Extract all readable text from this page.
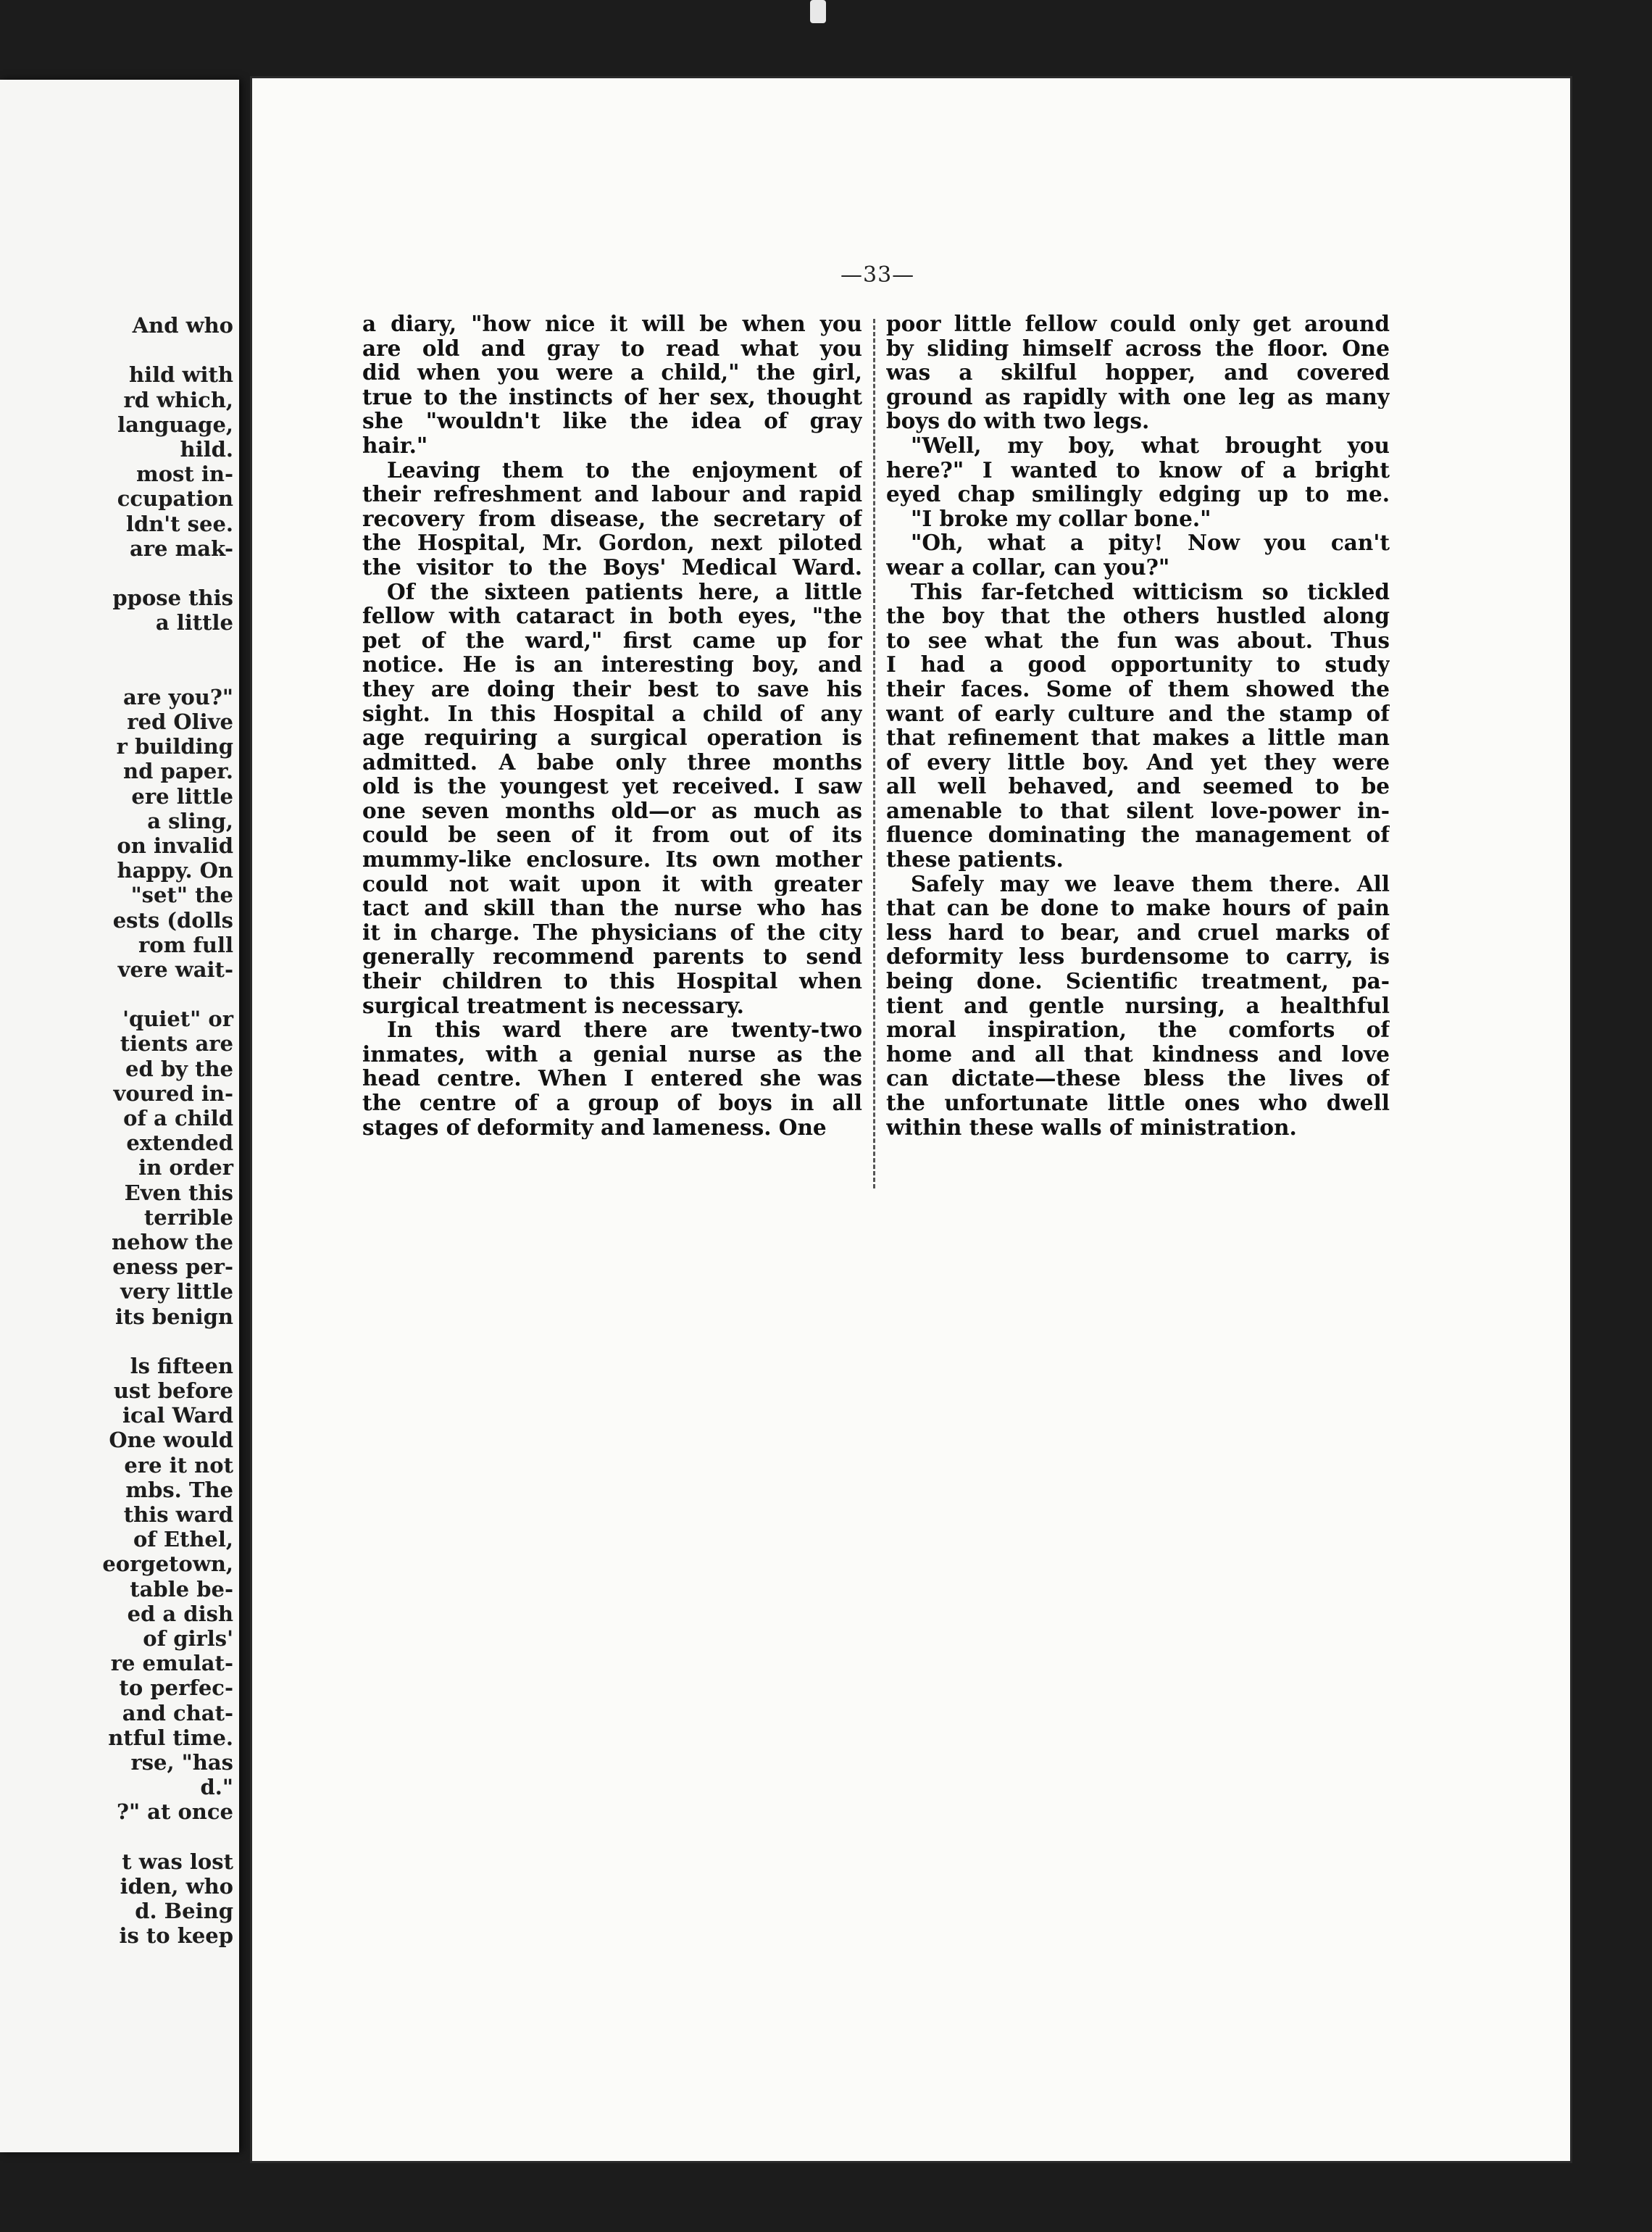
And who
hild with
rd which,
language,
hild.
most in-
ccupation
ldn't see.
are mak-
ppose this
a little
are you?"
red Olive
r building
nd paper.
ere little
a sling,
on invalid
happy. On
"set" the
ests (dolls
rom full
vere wait-
'quiet" or
tients are
ed by the
voured in-
of a child
extended
in order
Even this
terrible
nehow the
eness per-
very little
its benign
ls fifteen
ust before
ical Ward
One would
ere it not
mbs. The
this ward
of Ethel,
eorgetown,
table be-
ed a dish
of girls'
re emulat-
to perfec-
and chat-
ntful time.
rse, "has
d."
?" at once
t was lost
iden, who
d. Being
is to keep

—33—
a diary, "how nice it will be when you
are old and gray to read what you
did when you were a child," the girl,
true to the instincts of her sex, thought
she "wouldn't like the idea of gray
hair."
Leaving them to the enjoyment of
their refreshment and labour and rapid
recovery from disease, the secretary of
the Hospital, Mr. Gordon, next piloted
the visitor to the Boys' Medical Ward.
Of the sixteen patients here, a little
fellow with cataract in both eyes, "the
pet of the ward," first came up for
notice. He is an interesting boy, and
they are doing their best to save his
sight. In this Hospital a child of any
age requiring a surgical operation is
admitted. A babe only three months
old is the youngest yet received. I saw
one seven months old—or as much as
could be seen of it from out of its
mummy-like enclosure. Its own mother
could not wait upon it with greater
tact and skill than the nurse who has
it in charge. The physicians of the city
generally recommend parents to send
their children to this Hospital when
surgical treatment is necessary.
In this ward there are twenty-two
inmates, with a genial nurse as the
head centre. When I entered she was
the centre of a group of boys in all
stages of deformity and lameness. One
poor little fellow could only get around
by sliding himself across the floor. One
was a skilful hopper, and covered
ground as rapidly with one leg as many
boys do with two legs.
"Well, my boy, what brought you
here?" I wanted to know of a bright
eyed chap smilingly edging up to me.
"I broke my collar bone."
"Oh, what a pity! Now you can't
wear a collar, can you?"
This far-fetched witticism so tickled
the boy that the others hustled along
to see what the fun was about. Thus
I had a good opportunity to study
their faces. Some of them showed the
want of early culture and the stamp of
that refinement that makes a little man
of every little boy. And yet they were
all well behaved, and seemed to be
amenable to that silent love-power in-
fluence dominating the management of
these patients.
Safely may we leave them there. All
that can be done to make hours of pain
less hard to bear, and cruel marks of
deformity less burdensome to carry, is
being done. Scientific treatment, pa-
tient and gentle nursing, a healthful
moral inspiration, the comforts of
home and all that kindness and love
can dictate—these bless the lives of
the unfortunate little ones who dwell
within these walls of ministration.
